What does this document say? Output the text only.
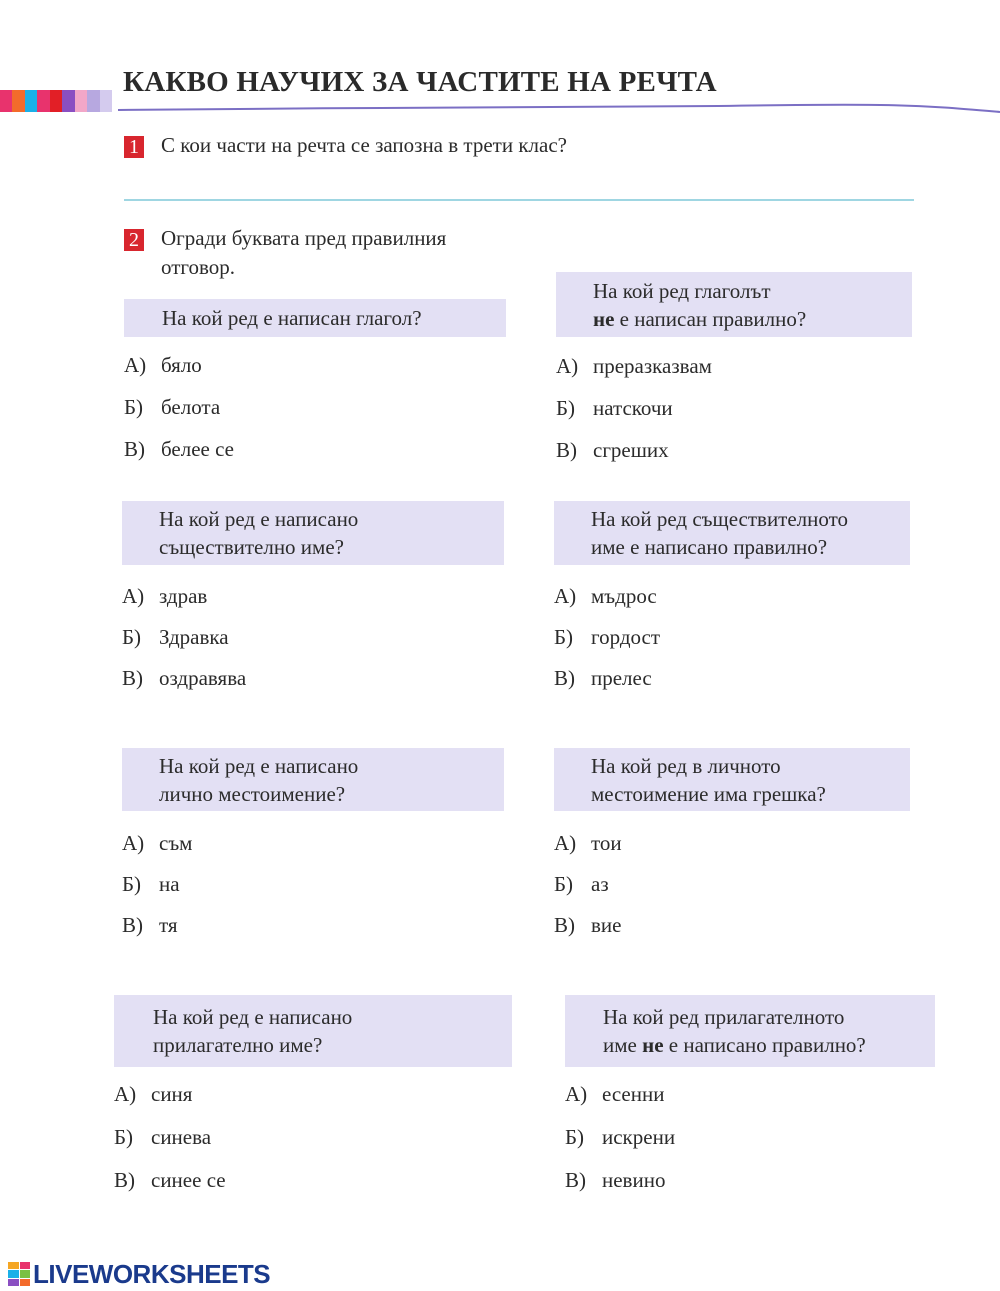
КАКВО НАУЧИХ ЗА ЧАСТИТЕ НА РЕЧТА
1 С кои части на речта се запозна в трети клас?
2 Огради буквата пред правилния
отговор.
На кой ред е написан глагол?
А) бяло
Б) белота
В) белее се
На кой ред глаголът
не е написан правилно?
А) преразказвам
Б) натскочи
В) сгреших
На кой ред е написано
съществително име?
А) здрав
Б) Здравка
В) оздравява
На кой ред съществителното
име е написано правилно?
А) мъдрос
Б) гордост
В) прелес
На кой ред е написано
лично местоимение?
А) съм
Б) на
В) тя
На кой ред в личното
местоимение има грешка?
А) тои
Б) аз
В) вие
На кой ред е написано
прилагателно име?
А) синя
Б) синева
В) синее се
На кой ред прилагателното
име не е написано правилно?
А) есенни
Б) искрени
В) невино
LIVEWORKSHEETS
